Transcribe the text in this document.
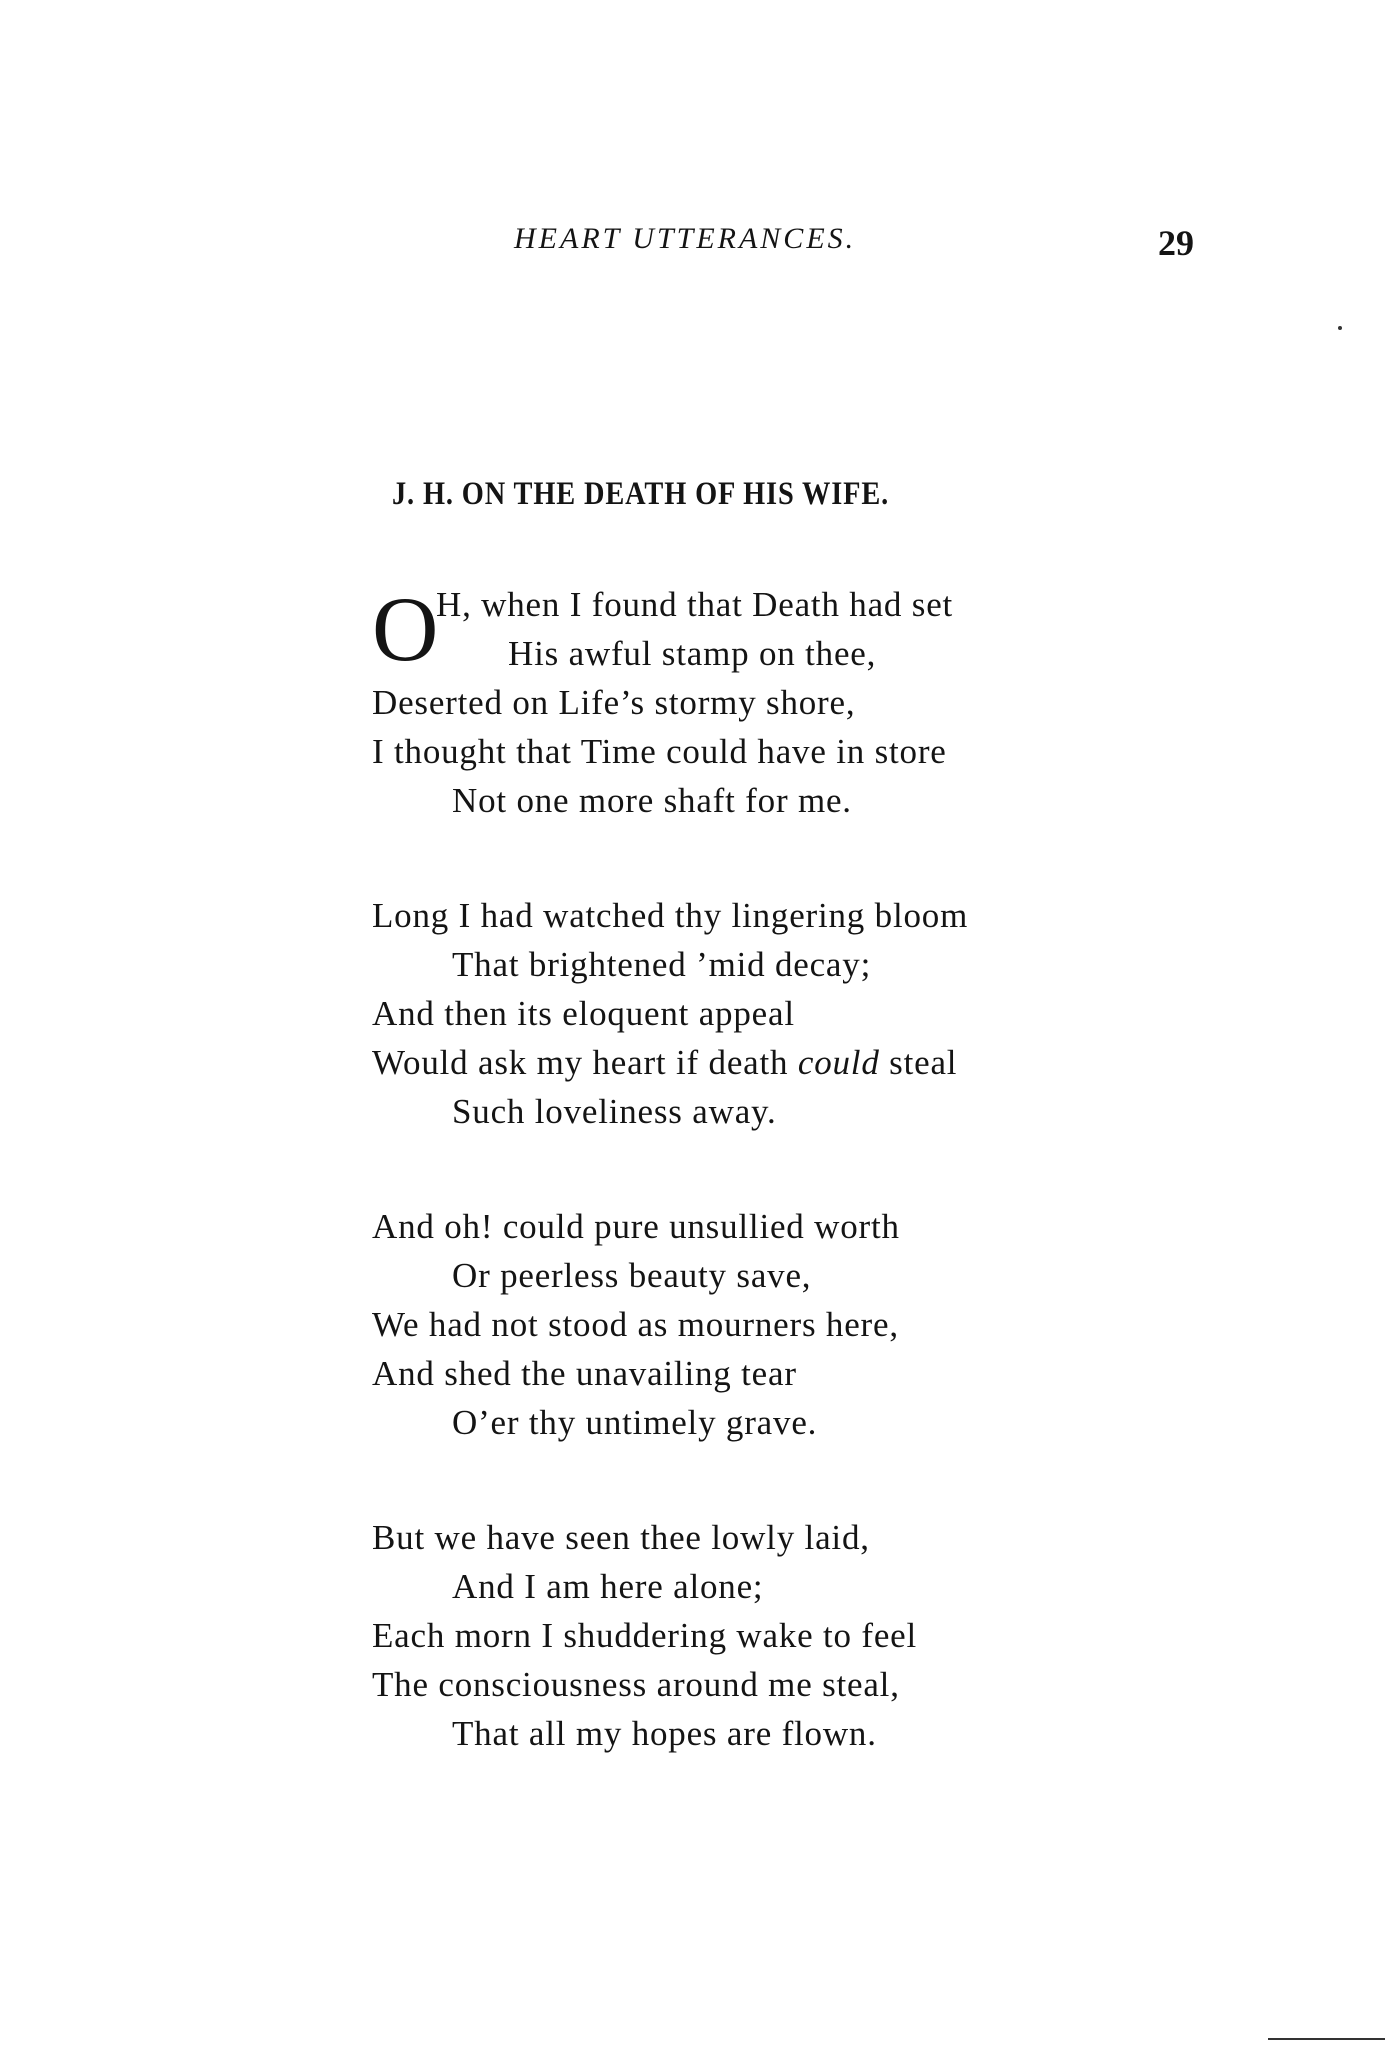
HEART UTTERANCES.	29
J. H. ON THE DEATH OF HIS WIFE.
O
H, when I found that Death had set
His awful stamp on thee,
Deserted on Life’s stormy shore,
I thought that Time could have in store
Not one more shaft for me.
Long I had watched thy lingering bloom
That brightened ’mid decay;
And then its eloquent appeal
Would ask my heart if death could steal
Such loveliness away.
And oh! could pure unsullied worth
Or peerless beauty save,
We had not stood as mourners here,
And shed the unavailing tear
O’er thy untimely grave.
But we have seen thee lowly laid,
And I am here alone;
Each morn I shuddering wake to feel
The consciousness around me steal,
That all my hopes are flown.
